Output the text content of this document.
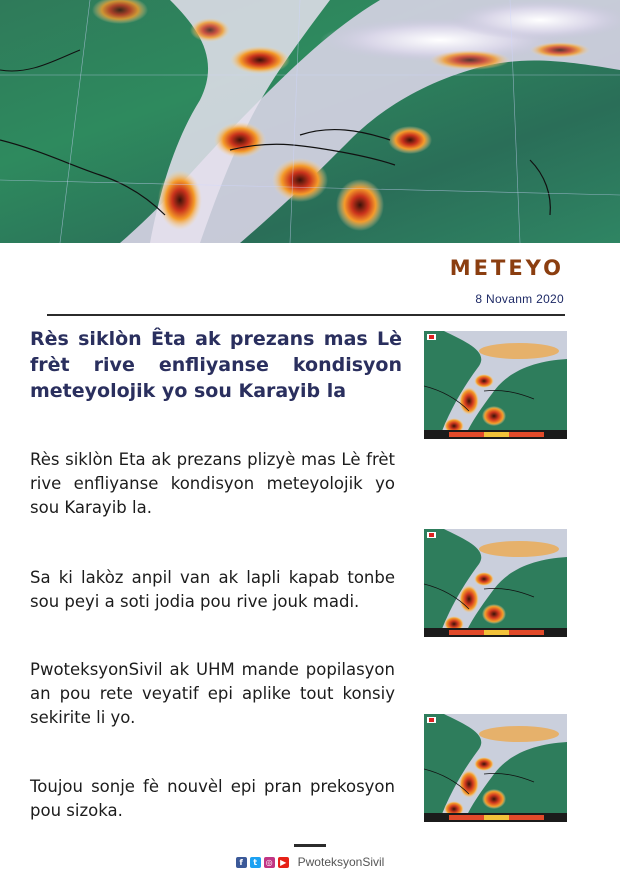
METEYO
8 Novanm 2020
Rès siklòn Êta ak prezans mas Lè frèt rive enfliyanse kondisyon meteyolojik yo sou Karayib la

Rès siklòn Eta ak prezans plizyè mas Lè frèt rive enfliyanse kondisyon meteyolojik yo sou Karayib la.

Sa ki lakòz anpil van ak lapli kapab tonbe sou peyi a soti jodia pou rive jouk madi.

PwoteksyonSivil ak UHM mande popilasyon an pou rete veyatif epi aplike tout konsiy sekirite li yo.

Toujou sonje fè nouvèl epi pran prekosyon pou sizoka.

f	t	◎ ▶ PwoteksyonSivil
